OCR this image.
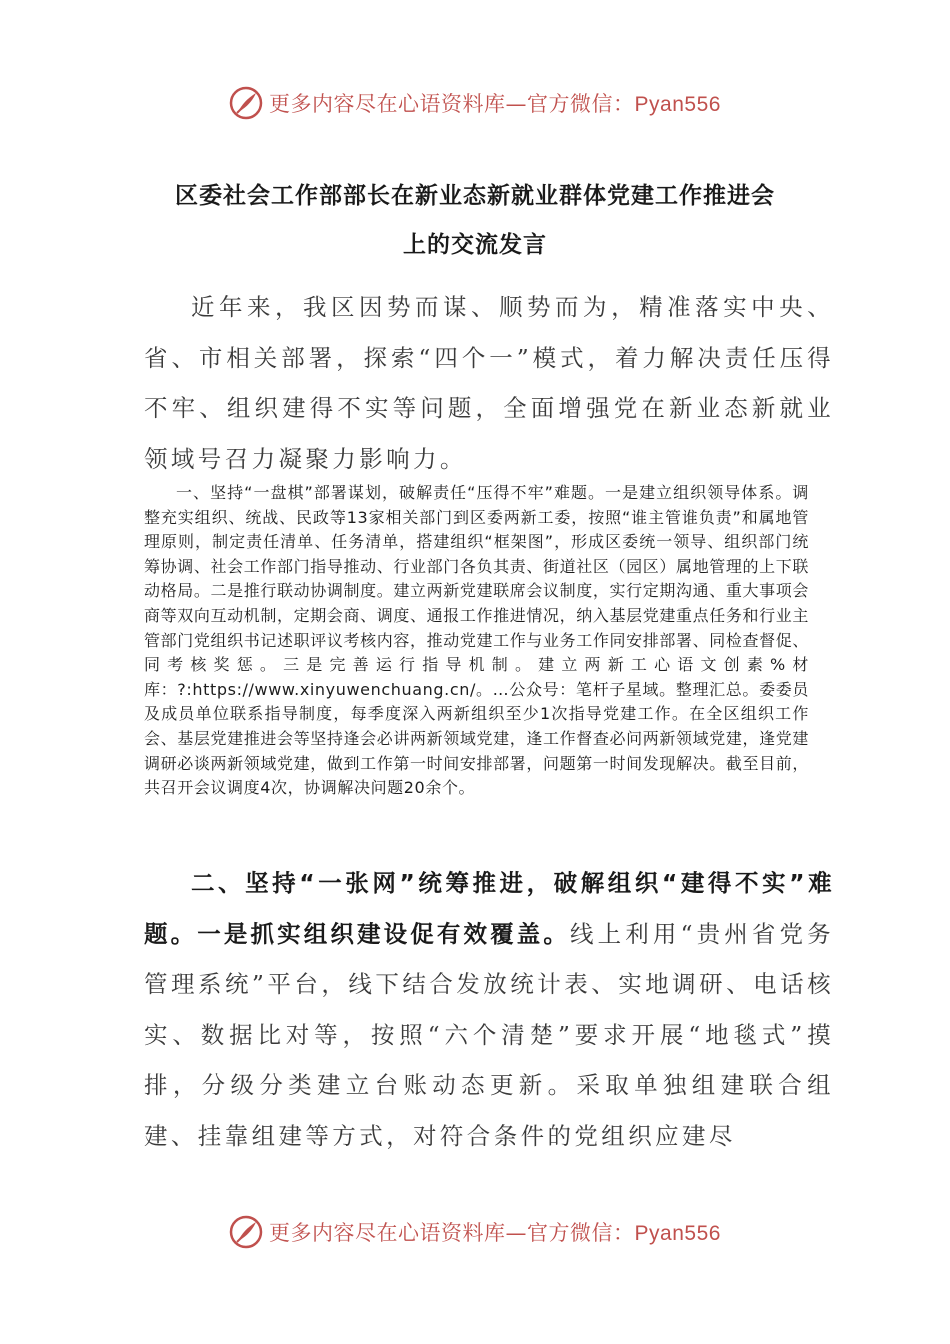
更多内容尽在心语资料库—官方微信：Pyan556
区委社会工作部部长在新业态新就业群体党建工作推进会
上的交流发言
近年来，我区因势而谋、顺势而为，精准落实中央、省、市相关部署，探索“四个一”模式，着力解决责任压得不牢、组织建得不实等问题，全面增强党在新业态新就业领域号召力凝聚力影响力。
一、坚持“一盘棋”部署谋划，破解责任“压得不牢”难题。一是建立组织领导体系。调整充实组织、统战、民政等13家相关部门到区委两新工委，按照“谁主管谁负责”和属地管理原则，制定责任清单、任务清单，搭建组织“框架图”，形成区委统一领导、组织部门统筹协调、社会工作部门指导推动、行业部门各负其责、街道社区（园区）属地管理的上下联动格局。二是推行联动协调制度。建立两新党建联席会议制度，实行定期沟通、重大事项会商等双向互动机制，定期会商、调度、通报工作推进情况，纳入基层党建重点任务和行业主管部门党组织书记述职评议考核内容，推动党建工作与业务工作同安排部署、同检查督促、同考核奖惩。三是完善运行指导机制。建立两新工心语文创素%材库：?:https://www.xinyuwenchuang.cn/。…公众号：笔杆子星域。整理汇总。委委员及成员单位联系指导制度，每季度深入两新组织至少1次指导党建工作。在全区组织工作会、基层党建推进会等坚持逢会必讲两新领域党建，逢工作督查必问两新领域党建，逢党建调研必谈两新领域党建，做到工作第一时间安排部署，问题第一时间发现解决。截至目前，共召开会议调度4次，协调解决问题20余个。
二、坚持“一张网”统筹推进，破解组织“建得不实”难题。一是抓实组织建设促有效覆盖。线上利用“贵州省党务管理系统”平台，线下结合发放统计表、实地调研、电话核实、数据比对等，按照“六个清楚”要求开展“地毯式”摸排，分级分类建立台账动态更新。采取单独组建联合组建、挂靠组建等方式，对符合条件的党组织应建尽
更多内容尽在心语资料库—官方微信：Pyan556
